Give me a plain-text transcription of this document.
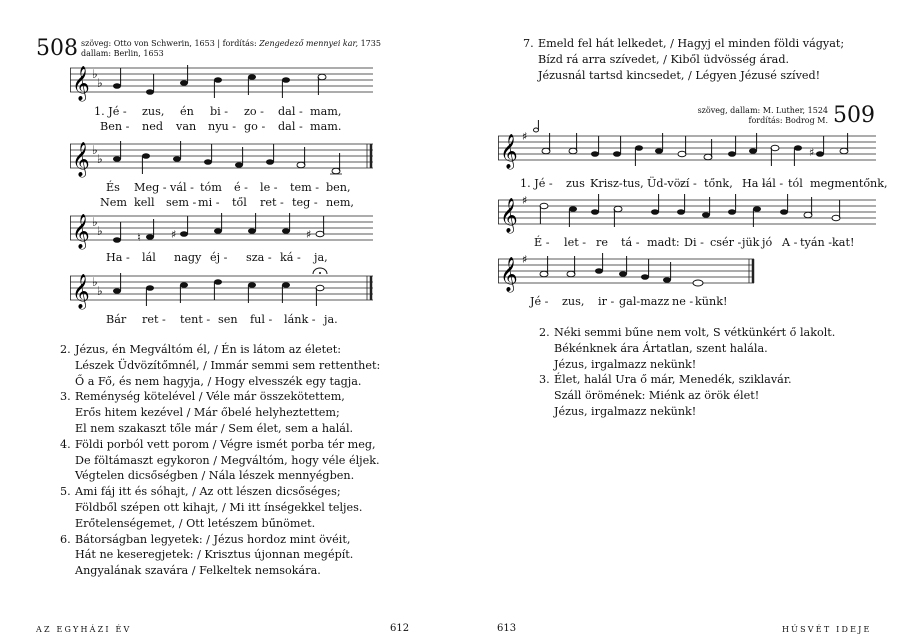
508 szöveg: Otto von Schwerin, 1653 | fordítás: Zengedező mennyei kar, 1735
dallam: Berlin, 1653
𝄞 ♭
♭
1. Jé - zus, én bi - zo - dal - mam,
Ben - ned van nyu - go - dal - mam.
𝄞 ♭
♭
És Meg - vál - tóm é - le - tem - ben,
Nem kell sem - mi - től ret - teg - nem,
𝄞 ♭
♭	♮	♯	♯
Ha - lál nagy éj - sza - ká - ja,
𝄞 ♭
♭
Bár ret - tent - sen ful - lánk - ja.
2. Jézus, én Megváltóm él, / Én is látom az életet:
Lészek Üdvözítőmnél, / Immár semmi sem rettenthet:
Ő a Fő, és nem hagyja, / Hogy elvesszék egy tagja.
3. Reménység kötelével / Véle már összekötettem,
Erős hitem kezével / Már őbelé helyheztettem;
El nem szakaszt tőle már / Sem élet, sem a halál.
4. Földi porból vett porom / Végre ismét porba tér meg,
De föltámaszt egykoron / Megváltóm, hogy véle éljek.
Végtelen dicsőségben / Nála lészek mennyégben.
5. Ami fáj itt és sóhajt, / Az ott lészen dicsőséges;
Földből szépen ott kihajt, / Mi itt ínségekkel teljes.
Erőtelenségemet, / Ott letészem bűnömet.
6. Bátorságban legyetek: / Jézus hordoz mint övéit,
Hát ne keseregjetek: / Krisztus újonnan megépít.
Angyalának szavára / Felkeltek nemsokára.
AZ EGYHÁZI ÉV	612
7. Emeld fel hát lelkedet, / Hagyj el minden földi vágyat;
Bízd rá arra szívedet, / Kiből üdvösség árad.
Jézusnál tartsd kincsedet, / Légyen Jézusé szíved!
szöveg, dallam: M. Luther, 1524
fordítás: Bodrog M. 509
𝄞 ♯
♯
1. Jé - zus Krisz-tus, Üd-vö-
zí - tőnk, Ha -
lál - tól megmentőnk,
𝄞 ♯
É - let - re tá - madt: Di - csér - jük jó A - tyán - kat!
𝄞 ♯
Jé - zus, ir - gal-mazz ne - künk!
2. Néki semmi bűne nem volt, S vétkünkért ő lakolt.
Békénknek ára Ártatlan, szent halála.
Jézus, irgalmazz nekünk!
3. Élet, halál Ura ő már, Menedék, sziklavár.
Száll örömének: Miénk az örök élet!
Jézus, irgalmazz nekünk!
613	HÚSVÉT IDEJE
